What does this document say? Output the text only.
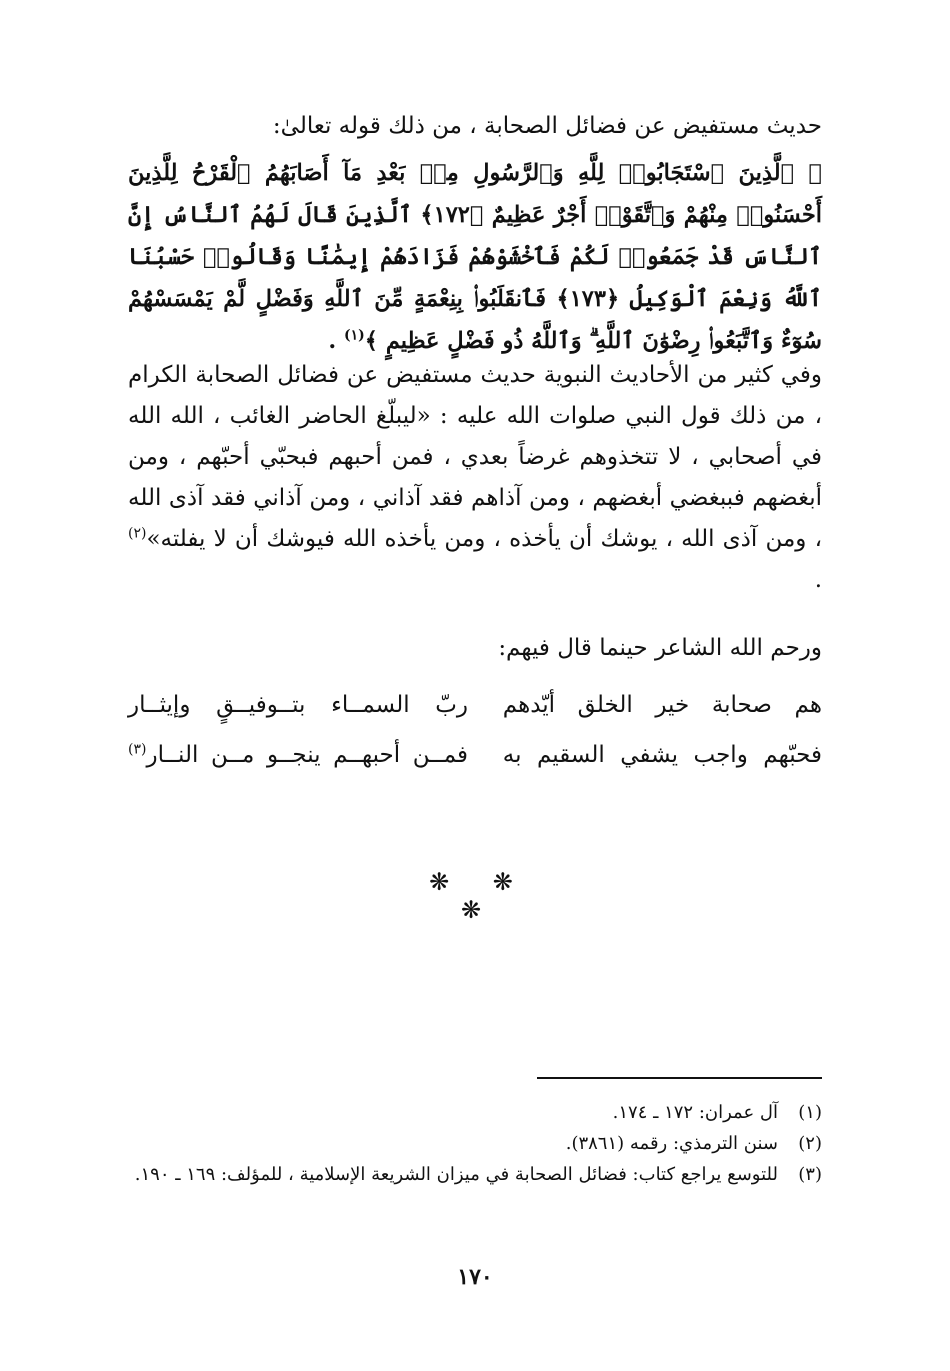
حديث مستفيض عن فضائل الصحابة ، من ذلك قوله تعالىٰ:

﴿ ٱلَّذِينَ ٱسْتَجَابُوا۟ لِلَّهِ وَٱلرَّسُولِ مِنۢ بَعْدِ مَآ أَصَابَهُمُ ٱلْقَرْحُ لِلَّذِينَ أَحْسَنُوا۟ مِنْهُمْ وَٱتَّقَوْا۟ أَجْرٌ عَظِيمٌ ﴿١٧٢﴾ ٱلَّذِينَ قَالَ لَهُمُ ٱلنَّاسُ إِنَّ ٱلنَّاسَ قَدْ جَمَعُوا۟ لَكُمْ فَٱخْشَوْهُمْ فَزَادَهُمْ إِيمَٰنًا وَقَالُوا۟ حَسْبُنَا ٱللَّهُ وَنِعْمَ ٱلْوَكِيلُ ﴿١٧٣﴾ فَٱنقَلَبُوا۟ بِنِعْمَةٍ مِّنَ ٱللَّهِ وَفَضْلٍ لَّمْ يَمْسَسْهُمْ سُوٓءٌ وَٱتَّبَعُوا۟ رِضْوَٰنَ ٱللَّهِ ۗ وَٱللَّهُ ذُو فَضْلٍ عَظِيمٍ ﴾$^{(١)}$ .

وفي كثير من الأحاديث النبوية حديث مستفيض عن فضائل الصحابة الكرام ، من ذلك قول النبي صلوات الله عليه : «ليبلّغ الحاضر الغائب ، الله الله في أصحابي ، لا تتخذوهم غرضاً بعدي ، فمن أحبهم فبحبّي أحبّهم ، ومن أبغضهم فببغضي أبغضهم ، ومن آذاهم فقد آذاني ، ومن آذاني فقد آذى الله ، ومن آذى الله ، يوشك أن يأخذه ، ومن يأخذه الله فيوشك أن لا يفلته»$^{(٢)}$ .

ورحم الله الشاعر حينما قال فيهم:

هم صحابة خير الخلق أيّدهم
ربّ السمــاء بتــوفيــقٍ وإيثــار
فحبّهم واجب يشفي السقيم به
فمــن أحبهــم ينجــو مــن النــار$^{(٣)}$
❋ ❋ ❋
(١)
آل عمران: ١٧٢ ـ ١٧٤.
(٢)
سنن الترمذي: رقمه (٣٨٦١).
(٣)
للتوسع يراجع كتاب: فضائل الصحابة في ميزان الشريعة الإسلامية ، للمؤلف: ١٦٩ ـ ١٩٠.
١٧٠
